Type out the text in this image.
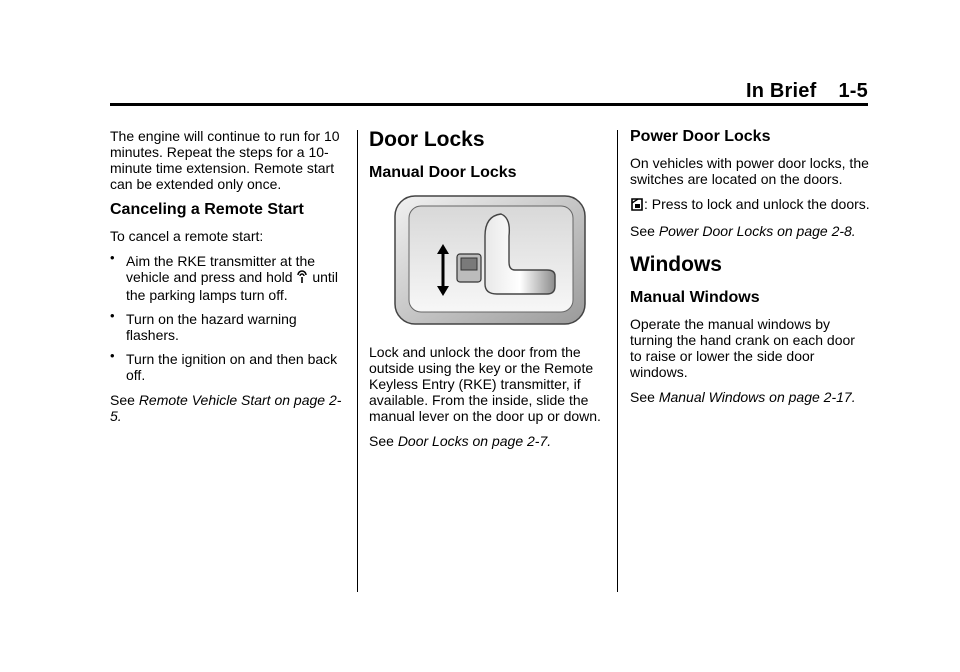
In Brief 1-5

The engine will continue to run for 10 minutes. Repeat the steps for a 10-minute time extension. Remote start can be extended only once.

Canceling a Remote Start

To cancel a remote start:

• Aim the RKE transmitter at the vehicle and press and hold until the parking lamps turn off.
• Turn on the hazard warning flashers.
• Turn the ignition on and then back off.

See Remote Vehicle Start on page 2-5.

Door Locks
Manual Door Locks

Lock and unlock the door from the outside using the key or the Remote Keyless Entry (RKE) transmitter, if available. From the inside, slide the manual lever on the door up or down.

See Door Locks on page 2-7.

Power Door Locks

On vehicles with power door locks, the switches are located on the doors.

: Press to lock and unlock the doors.

See Power Door Locks on page 2-8.

Windows
Manual Windows

Operate the manual windows by turning the hand crank on each door to raise or lower the side door windows.

See Manual Windows on page 2-17.
